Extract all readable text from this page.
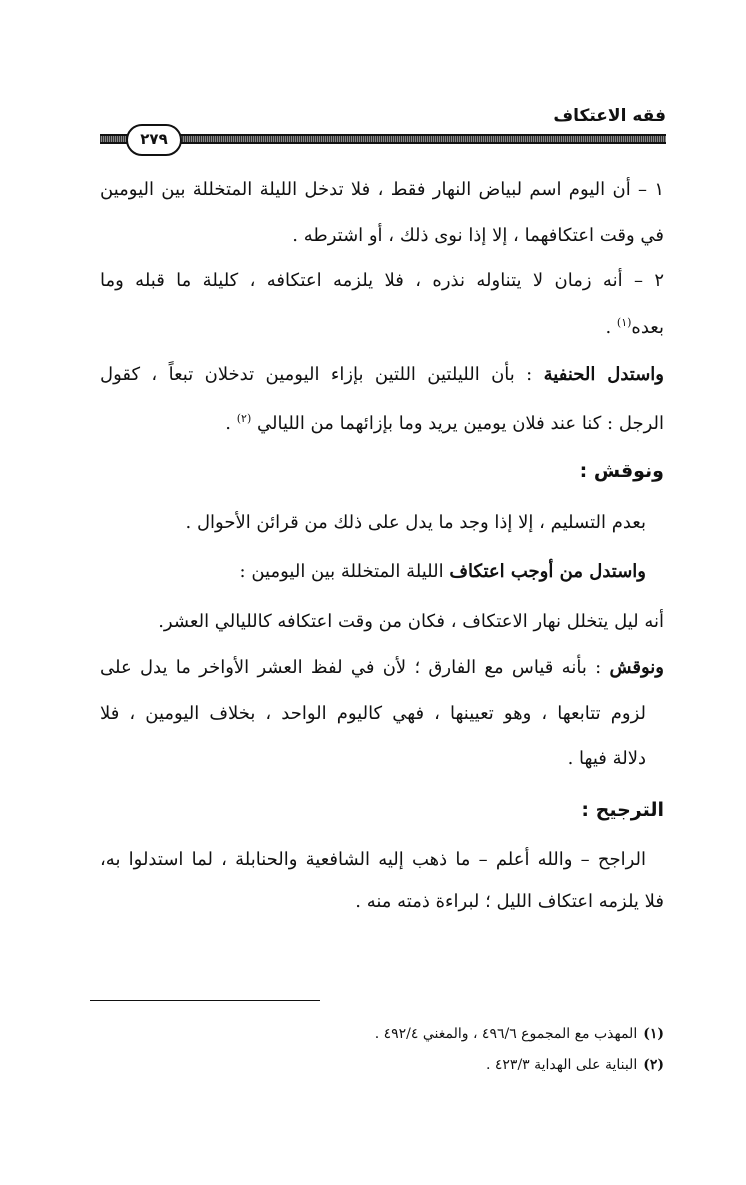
فقه الاعتكاف
٢٧٩
١ – أن اليوم اسم لبياض النهار فقط ، فلا تدخل الليلة المتخللة بين اليومين
في وقت اعتكافهما ، إلا إذا نوى ذلك ، أو اشترطه .
٢ – أنه زمان لا يتناوله نذره ، فلا يلزمه اعتكافه ، كليلة ما قبله وما
بعده$^{(١)}$ .
واستدل الحنفية : بأن الليلتين اللتين بإزاء اليومين تدخلان تبعاً ، كقول
الرجل : كنا عند فلان يومين يريد وما بإزائهما من الليالي $^{(٢)}$ .
ونوقش :
بعدم التسليم ، إلا إذا وجد ما يدل على ذلك من قرائن الأحوال .
واستدل من أوجب اعتكاف الليلة المتخللة بين اليومين :
أنه ليل يتخلل نهار الاعتكاف ، فكان من وقت اعتكافه كالليالي العشر.
ونوقش : بأنه قياس مع الفارق ؛ لأن في لفظ العشر الأواخر ما يدل على
لزوم تتابعها ، وهو تعيينها ، فهي كاليوم الواحد ، بخلاف اليومين ، فلا
دلالة فيها .
الترجيح :
الراجح – والله أعلم – ما ذهب إليه الشافعية والحنابلة ، لما استدلوا به،
فلا يلزمه اعتكاف الليل ؛ لبراءة ذمته منه .
(١)المهذب مع المجموع ٤٩٦/٦ ، والمغني ٤٩٢/٤ .
(٢)البناية على الهداية ٤٢٣/٣ .
